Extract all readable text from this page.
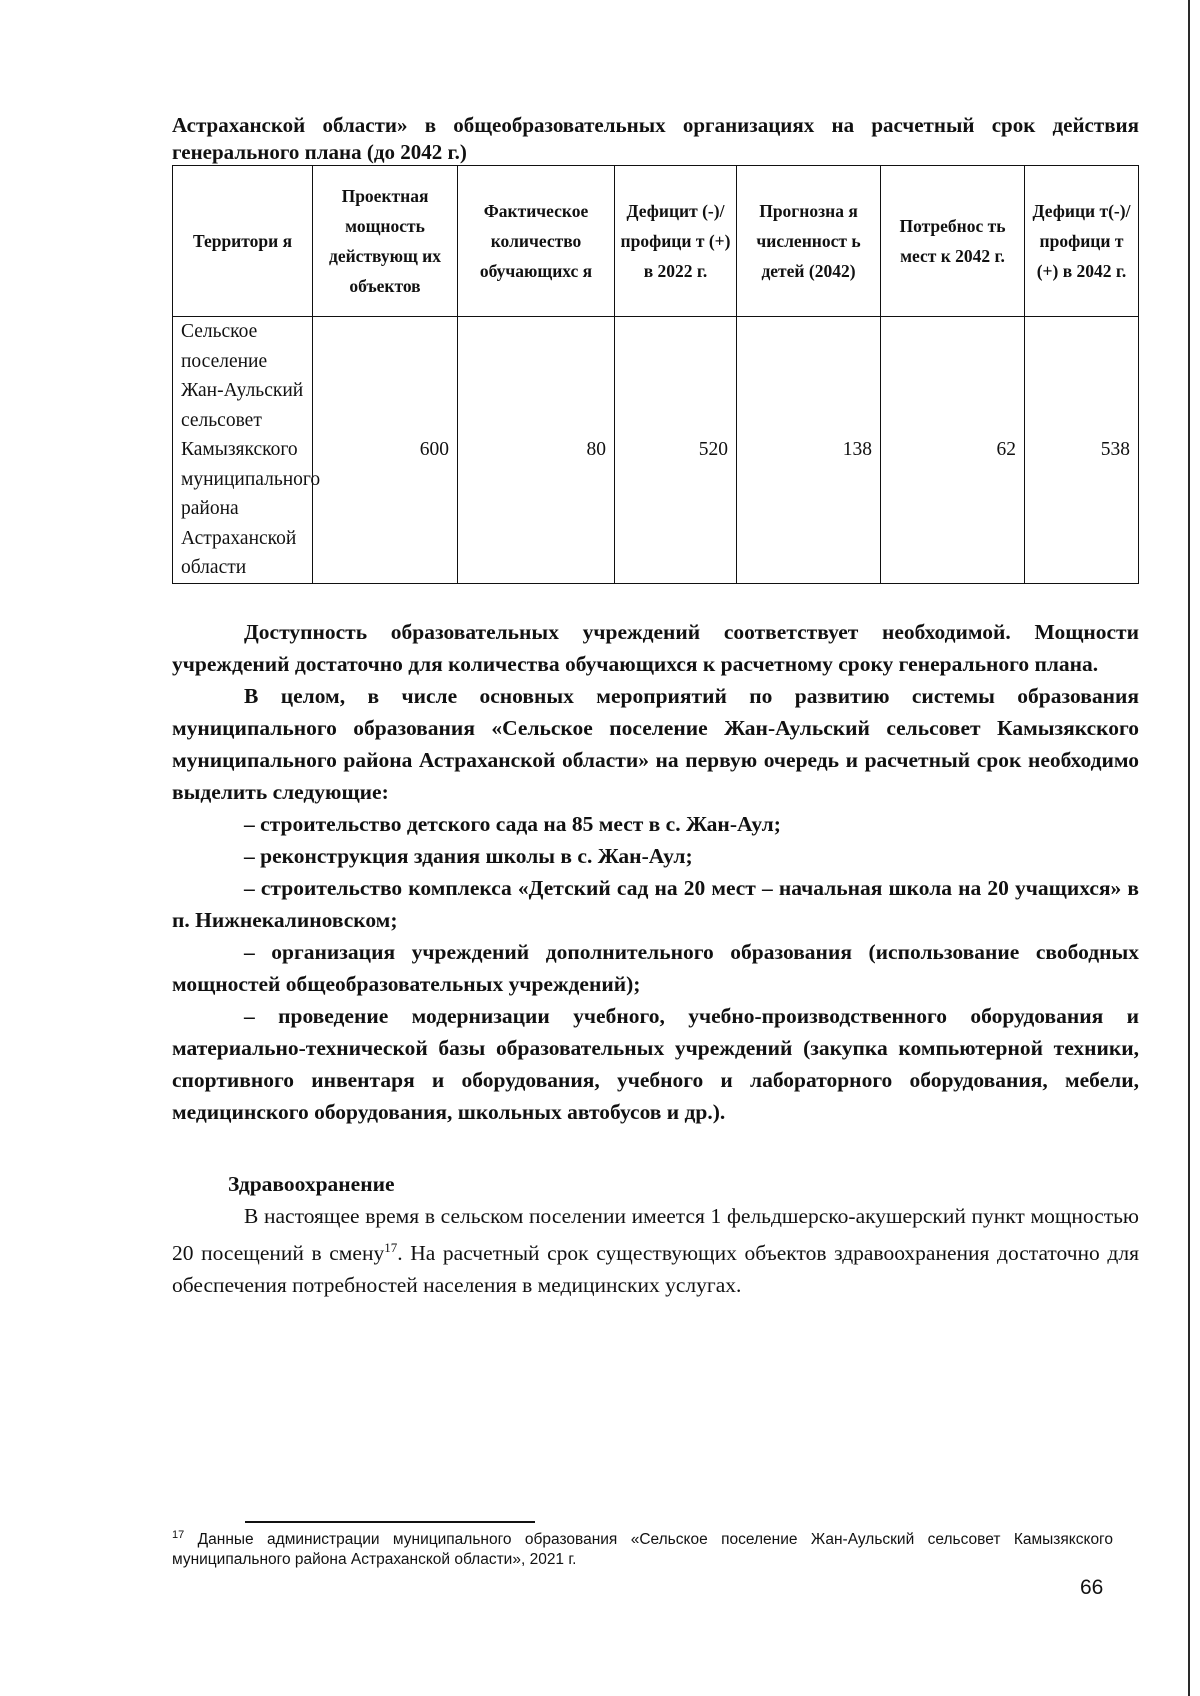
Астраханской области» в общеобразовательных организациях на расчетный срок действия генерального плана (до 2042 г.)

Территори я	Проектная мощность действующ их объектов	Фактическое количество обучающихс я	Дефицит (-)/ профици т (+) в 2022 г.	Прогнозна я численност ь детей (2042)	Потребнос ть мест к 2042 г.	Дефици т(-)/ профици т (+) в 2042 г.
Сельское поселение Жан-Аульский сельсовет Камызякского муниципального района Астраханской области	600	80	520	138	62	538

Доступность образовательных учреждений соответствует необходимой. Мощности учреждений достаточно для количества обучающихся к расчетному сроку генерального плана.

В целом, в числе основных мероприятий по развитию системы образования муниципального образования «Сельское поселение Жан-Аульский сельсовет Камызякского муниципального района Астраханской области» на первую очередь и расчетный срок необходимо выделить следующие:

– строительство детского сада на 85 мест в с. Жан-Аул;

– реконструкция здания школы в с. Жан-Аул;

– строительство комплекса «Детский сад на 20 мест – начальная школа на 20 учащихся» в п. Нижнекалиновском;

– организация учреждений дополнительного образования (использование свободных мощностей общеобразовательных учреждений);

– проведение модернизации учебного, учебно-производственного оборудования и материально-технической базы образовательных учреждений (закупка компьютерной техники, спортивного инвентаря и оборудования, учебного и лабораторного оборудования, мебели, медицинского оборудования, школьных автобусов и др.).

Здравоохранение

В настоящее время в сельском поселении имеется 1 фельдшерско-акушерский пункт мощностью 20 посещений в смену$^{17}$. На расчетный срок существующих объектов здравоохранения достаточно для обеспечения потребностей населения в медицинских услугах.

$^{17}$ Данные администрации муниципального образования «Сельское поселение Жан-Аульский сельсовет Камызякского муниципального района Астраханской области», 2021 г.
66
